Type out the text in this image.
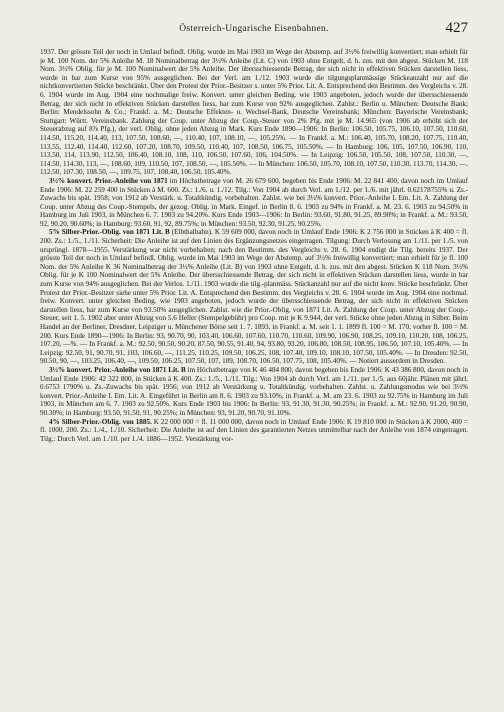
Österreich-Ungarische Eisenbahnen.	427

1937. Der grösste Teil der noch in Umlauf befindl. Oblig. wurde im Mai 1903 im Wege der Abstemp. auf 3½% freiwillig konvertiert; man erhielt für je M. 100 Nom. der 5% Anleihe M. 18 Nominalbetrag der 3½% Anleihe (Lit. C) von 1903 ohne Entgelt, d. h. zus. mit den abgest. Stücken M. 118 Nom. 3½% Oblig. für je M. 100 Nominalwert der 5% Anleihe. Der übersschiessende Betrag, der sich nicht in effektiven Stücken darstellen liess, wurde in bar zum Kurse von 95% ausgeglichen. Bei der Verl. am 1./12. 1903 wurde die tilgungsplanmässige Stückeanzahl nur auf die nichtkonvertierten Stücke beschränkt. Über den Protest der Prior.-Besitzer s. unter 5% Prior. Lit. A. Entsprechend den Bestimm. des Vergleichs v. 28. 6. 1904 wurde im Aug. 1904 eine nochmalige freiw. Konvert. unter gleichen Beding. wie 1903 angeboten, jedoch wurde der übersschiessende Betrag, der sich nicht in effektiven Stücken darstellen liess, bar zum Kurse von 92% ausgeglichen. Zahlst.: Berlin u. München: Deutsche Bank; Berlin: Mendelssohn & Co.; Frankf. a. M.: Deutsche Effekten- u. Wechsel-Bank, Deutsche Vereinsbank; München: Bayerische Vereinsbank; Stuttgart: Württ. Vereinsbank. Zahlung der Coup. unter Abzug der Coup.-Steuer von 2% Pfg. mit je M. 14.965 (von 1906 ab erhöht sich der Steuerabzug auf 8⅞ Pfg.), der verl. Oblig. ohne jeden Abzug in Mark. Kurs Ende 1890—1906: In Berlin: 106.50, 105.75, 106.10, 107.50, 110.60, 114.50, 115.20, 114.40, 113, 107.50, 108.60, —, 110.40, 107, 108.10, —, 105.25%. — In Frankf. a. M.: 106.40, 105.70, 108.20, 107.75, 110.40, 113.55, 112.40, 114.40, 112.60, 107.20, 108.70, 109.50, 110.40, 107, 108.50, 106.75, 105.50%. — In Hamburg: 106, 105, 107.50, 106.90, 110, 113.50, 114, 113.90, 112.50, 106.40, 108.10, 108, 110, 106.50, 107.60, 106, 104.50%. — In Leipzig: 106.50, 105.50, 108, 107.50, 110.30, —, 114.50, 114.30, 113, —, 108.60, 109, 110.50, 107, 108.50, —, 105.50%. — In München: 106.50, 105.70, 108.10, 107.50, 110.30, 113.70, 114.30, —, 112.50, 107.30, 108.50, —, 109.75, 107, 108.40, 106.50, 105.40%.

3½% konvert. Prior.-Anleihe von 1871 im Höchstbetrage von M. 26 679 600, begeben bis Ende 1906: M. 22 841 400, davon noch im Umlauf Ende 1906: M. 22 259 400 in Stücken à M. 600. Zs.: 1./6. u. 1./12. Tilg.: Von 1904 ab durch Verl. am 1./12. per 1./6. mit jährl. 0.62178755% u. Zs.-Zuwachs bis spät. 1958; von 1912 ab Verstärk. u. Totaltkündig. vorbehalten. Zahlst. wie bei 3½% konvert. Prior.-Anleihe L Em. Lit. A. Zahlung der Coup. unter Abzug des Coup.-Stempels, der gezog. Oblig. in Mark. Eingef. in Berlin 8. 6. 1903 zu 94% in Frankf. a. M. 23. 6. 1903 zu 94.50% in Hamburg im Juli 1903, in München 6. 7. 1903 zu 94.20%. Kurs Ende 1903—1906: In Berlin: 93.60, 91.80, 91.25, 89.90%; in Frankf. a. M.: 93.50, 92, 90.20, 90.60%; in Hamburg: 93.60, 91, 92, 89.75%; in München: 93.50, 92.30, 91.25, 90.25%.

5% Silber-Prior.-Oblig. von 1871 Lit. B (Elbthalbahn). K 59 609 000, davon noch in Umlauf Ende 1906: K 2 756 000 in Stücken à K 400 = fl. 200. Zs.: 1./5., 1./11. Sicherheit: Die Anleihe ist auf den Linien des Ergänzungsnetzes eingetragen. Tilgung: Durch Verlosung am 1./11. per 1./5. von ursprüngl. 1878—1955. Verstärkung war nicht vorbehalten; nach den Bestimm. des Vergleichs v. 28. 6. 1904 endigt die Tilg. bereits 1937. Der grösste Teil der noch in Umlauf befindl. Oblig. wurde im Mai 1903 im Wege der Abstemp. auf 3½% freiwillig konvertiert; man erhielt für je fl. 100 Nom. der 5% Anleihe K 36 Nominalbetrag der 3½% Anleihe (Lit. B) von 1903 ohne Entgelt, d. h. zus. mit den abgest. Stücken K 118 Nom. 3½% Oblig. für je K 100 Nominalwert der 5% Anleihe. Der übersschiessende Betrag, der sich nicht in effektiven Stücken darstellen liess, wurde in bar zum Kurse von 94% ausgeglichen. Bei der Verlos. 1./11. 1903 wurde die tilg.-planmäss. Stückanzahl nur auf die nicht konv. Stücke beschränkt. Über Protest der Prior.-Besitzer siehe unter 5% Prior. Lit. A. Entsprechend den Bestimm. des Vergleichs v. 28. 6. 1904 wurde im Aug. 1904 eine nochmal. freiw. Konvert. unter gleichen Beding. wie 1903 angeboten, jedoch wurde der übersschiessende Betrag, der sich nicht in effektiven Stücken darstellen liess, bar zum Kurse von 93.50% ausgeglichen. Zahlst. wie die Prior.-Oblig. von 1871 Lit. A. Zahlung der Coup. unter Abzug der Coup.-Steuer, seit 1. 5. 1902 aber unter Abzug von 5.6 Heller (Stempelgebühr) pro Coup. mit je K 9.944, der verl. Stücke ohne jeden Abzug in Silber. Beim Handel an der Berliner, Dresdner, Leipziger u. Münchener Börse seit 1. 7. 1893, in Frankf. a. M. seit 1. 1. 1899 fl. 100 = M. 170, vorher fl. 100 = M. 200. Kurs Ende 1890—1906: In Berlin: 93, 90.70, 90, 103.40, 106.60, 107.60, 110.70, 110.60, 109.90, 106.90, 108.25, 109.10, 110.20, 108, 106.25, 107.20, —%. — In Frankf. a. M.: 92.50, 90.50, 90.20, 87.50, 90.55, 91.40, 94, 93.80, 93.20, 106.80, 108.50, 108.95, 106.50, 107.10, 105.40%. — In Leipzig: 92.50, 91, 90.70, 91, 103, 106.60, —, 111.25, 110.25, 109.50, 106.25, 108, 107.40, 109.10, 108.10, 107.50, 105.40%. — In Dresden: 92.50, 90.50, 90, —, 103.25, 106.40, —, 109.50, 106.25, 107.50, 107, 109, 108.70, 106.50, 107.75, 108, 105.40%. — Notiert ausserdem in Dresden.

3½% konvert. Prior.-Anleihe von 1871 Lit. B im Höchstbetrage von K 46 484 800, davon begeben bis Ende 1906: K 43 386 800, davon noch in Umlauf Ende 1906: 42 322 800, in Stücken à K 400. Zs.: 1./5., 1./11. Tilg.: Von 1904 ab durch Verl. am 1./11. per 1./5. aus 60jähr. Plänen mit jährl. 0.6753 1790% u. Zs.-Zuwachs bis spät. 1956; von 1912 ab Verstärkung u. Totaltkündig. vorbehalten. Zahlst. u. Zahlungsmodus wie bei 3½% konvert. Prior.-Anleihe I. Em. Lit. A. Eingeführt in Berlin am 8. 6. 1903 zu 93.10%, in Frankf. a. M. am 23. 6. 1903 zu 92.75% in Hamburg im Juli 1903, in München am 6. 7. 1903 zu 92.50%. Kurs Ende 1903 bis 1906: In Berlin: 93, 91.30, 91.30, 90.25%; in Frankf. a. M.: 92.90, 91.20, 90.90, 90.30%; in Hamburg: 93.50, 91.50, 91, 90.25%; in München: 93, 91.20, 90.70, 91.10%.

4% Silber-Prior.-Oblig. von 1885. K 22 000 000 = fl. 11 000 000, davon noch in Umlauf Ende 1906: K 19 810 000 in Stücken à K 2000, 400 = fl. 1000, 200. Zs.: 1./4., 1./10. Sicherheit: Die Anleihe ist auf den Linien des garantierten Netzes unmittelbar nach der Anleihe von 1874 eingetragen. Tilg.: Durch Verl. am 1./10. per 1./4. 1886—1952. Verstärkung vor-
